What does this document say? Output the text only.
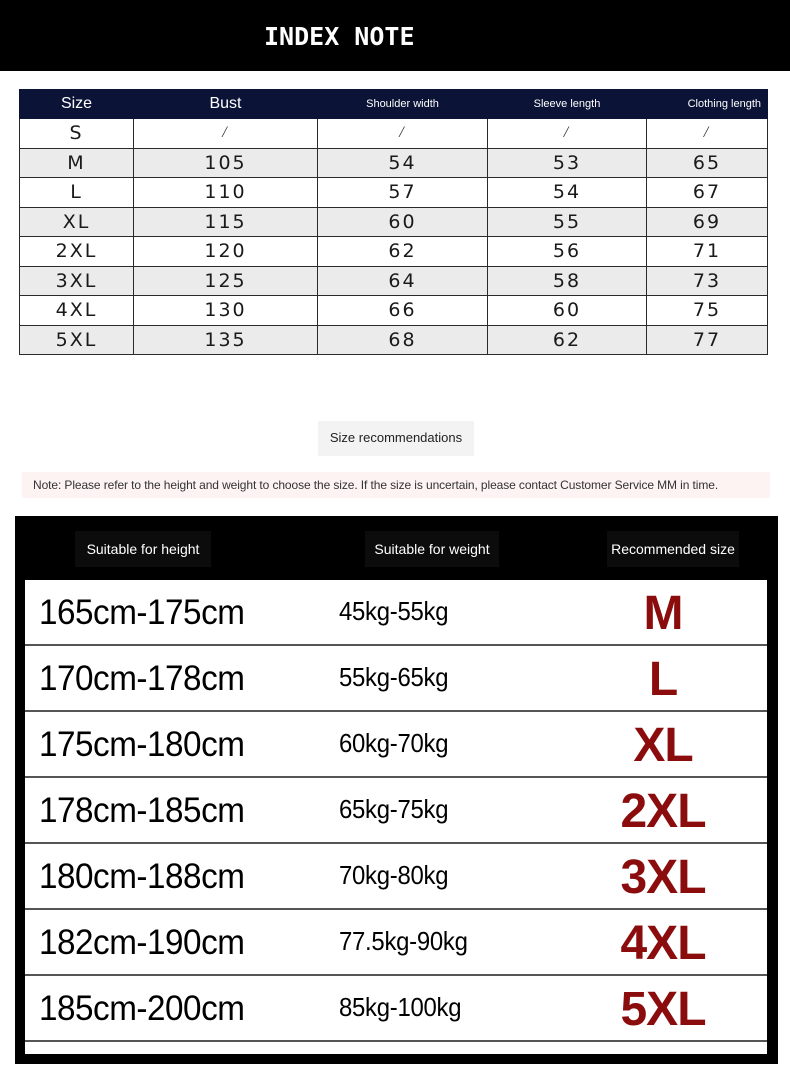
INDEX NOTE
Size	Bust	Shoulder width	Sleeve length	Clothing length
S	/	/	/	/
M	105	54	53	65
L	110	57	54	67
XL	115	60	55	69
2XL	120	62	56	71
3XL	125	64	58	73
4XL	130	66	60	75
5XL	135	68	62	77
Size recommendations
Note: Please refer to the height and weight to choose the size. If the size is uncertain, please contact Customer Service MM in time.
Suitable for height	Suitable for weight	Recommended size
165cm-175cm	45kg-55kg	M
170cm-178cm	55kg-65kg	L
175cm-180cm	60kg-70kg	XL
178cm-185cm	65kg-75kg	2XL
180cm-188cm	70kg-80kg	3XL
182cm-190cm	77.5kg-90kg	4XL
185cm-200cm	85kg-100kg	5XL
